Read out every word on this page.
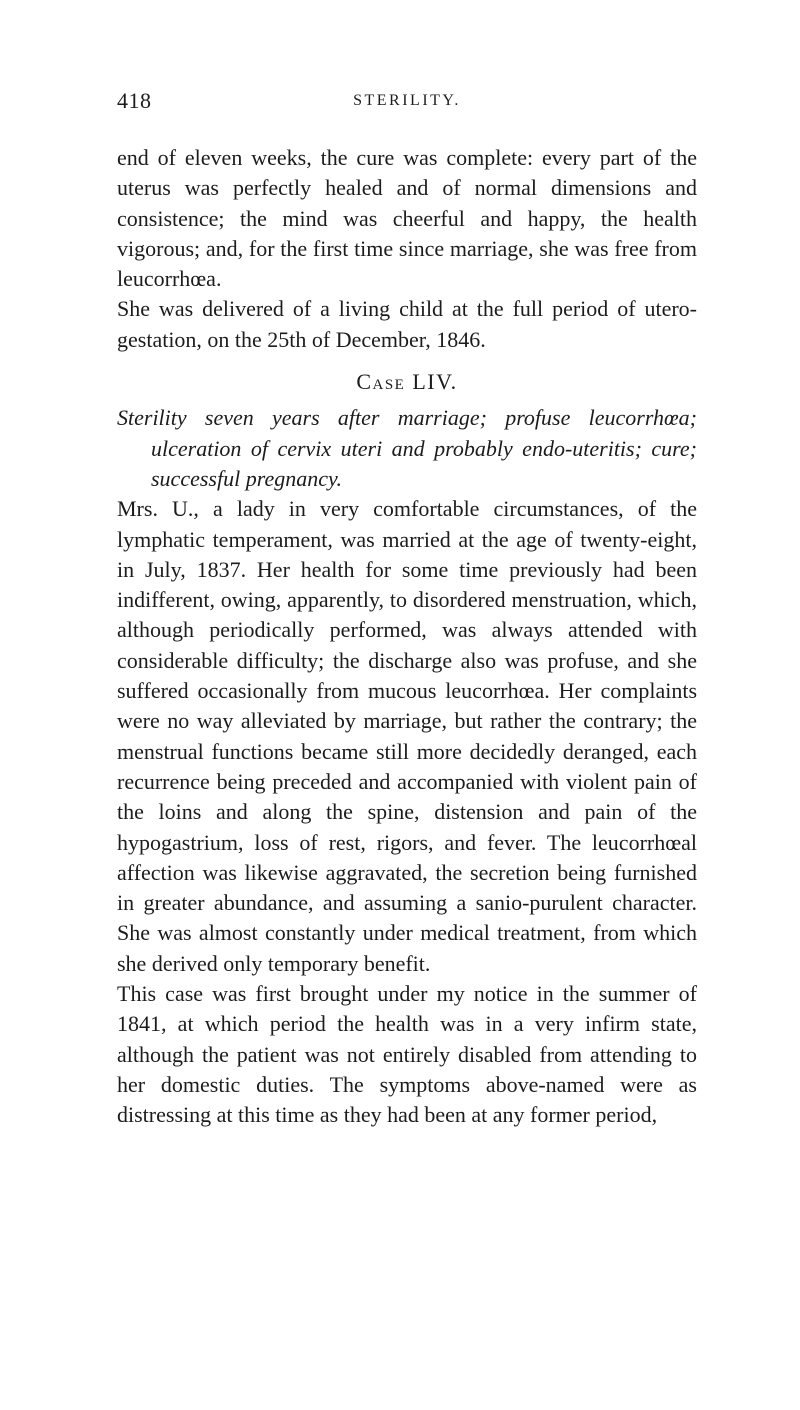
418	STERILITY.

end of eleven weeks, the cure was complete: every part of the uterus was perfectly healed and of normal dimensions and consistence; the mind was cheerful and happy, the health vigorous; and, for the first time since marriage, she was free from leucorrhœa.

She was delivered of a living child at the full period of utero-gestation, on the 25th of December, 1846.

Case LIV.

Sterility seven years after marriage; profuse leucorrhœa; ulceration of cervix uteri and probably endo-uteritis; cure; successful pregnancy.

Mrs. U., a lady in very comfortable circumstances, of the lymphatic temperament, was married at the age of twenty-eight, in July, 1837. Her health for some time previously had been indifferent, owing, apparently, to disordered menstruation, which, although periodically performed, was always attended with considerable difficulty; the discharge also was profuse, and she suffered occasionally from mucous leucorrhœa. Her complaints were no way alleviated by marriage, but rather the contrary; the menstrual functions became still more decidedly deranged, each recurrence being preceded and accompanied with violent pain of the loins and along the spine, distension and pain of the hypogastrium, loss of rest, rigors, and fever. The leucorrhœal affection was likewise aggravated, the secretion being furnished in greater abundance, and assuming a sanio-purulent character. She was almost constantly under medical treatment, from which she derived only temporary benefit.

This case was first brought under my notice in the summer of 1841, at which period the health was in a very infirm state, although the patient was not entirely disabled from attending to her domestic duties. The symptoms above-named were as distressing at this time as they had been at any former period,
